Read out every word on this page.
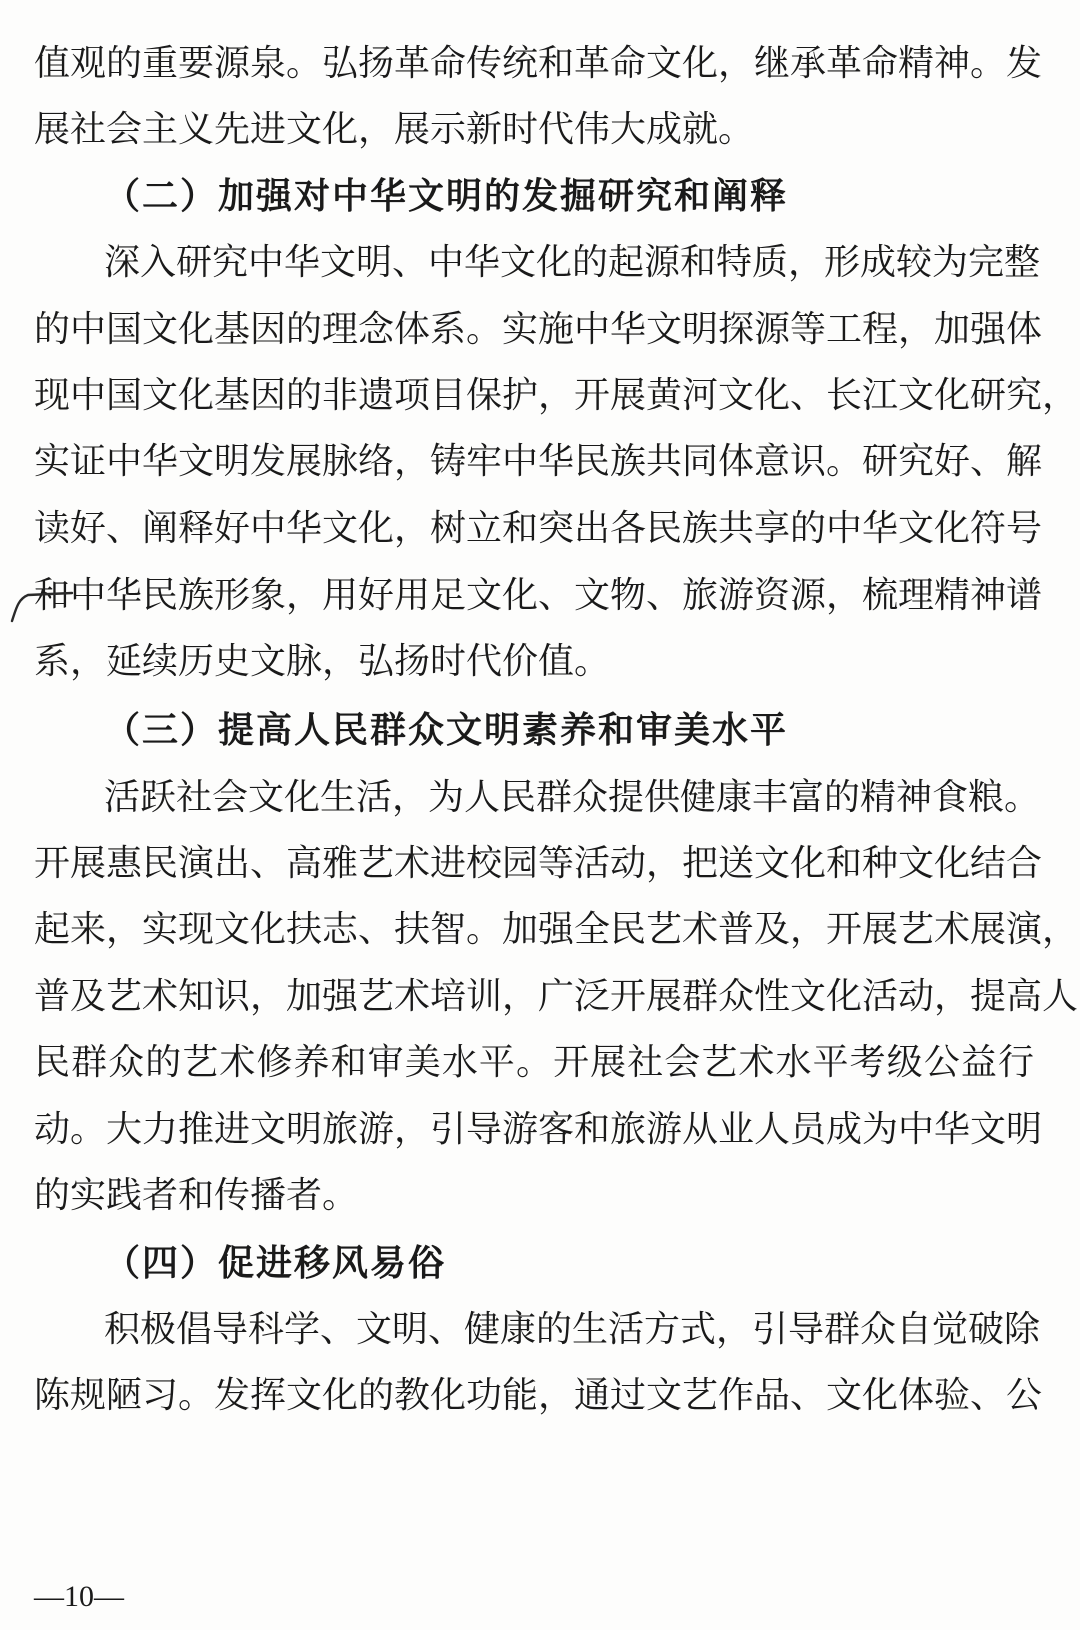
值观的重要源泉。弘扬革命传统和革命文化，继承革命精神。发
展社会主义先进文化，展示新时代伟大成就。
（二）加强对中华文明的发掘研究和阐释
深入研究中华文明、中华文化的起源和特质，形成较为完整
的中国文化基因的理念体系。实施中华文明探源等工程，加强体
现中国文化基因的非遗项目保护，开展黄河文化、长江文化研究，
实证中华文明发展脉络，铸牢中华民族共同体意识。研究好、解
读好、阐释好中华文化，树立和突出各民族共享的中华文化符号
和中华民族形象，用好用足文化、文物、旅游资源，梳理精神谱
系，延续历史文脉，弘扬时代价值。
（三）提高人民群众文明素养和审美水平
活跃社会文化生活，为人民群众提供健康丰富的精神食粮。
开展惠民演出、高雅艺术进校园等活动，把送文化和种文化结合
起来，实现文化扶志、扶智。加强全民艺术普及，开展艺术展演，
普及艺术知识，加强艺术培训，广泛开展群众性文化活动，提高人
民群众的艺术修养和审美水平。开展社会艺术水平考级公益行
动。大力推进文明旅游，引导游客和旅游从业人员成为中华文明
的实践者和传播者。
（四）促进移风易俗
积极倡导科学、文明、健康的生活方式，引导群众自觉破除
陈规陋习。发挥文化的教化功能，通过文艺作品、文化体验、公
—10—
